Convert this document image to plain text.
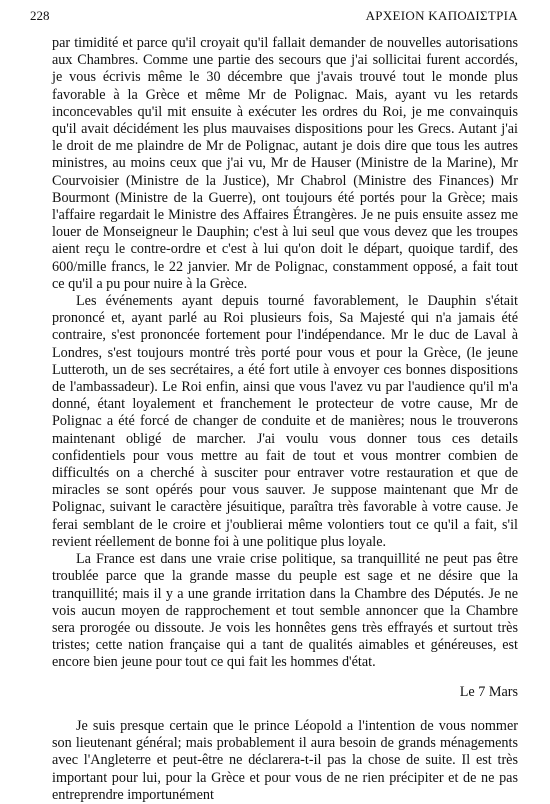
228	ΑΡΧΕΙΟΝ ΚΑΠΟΔΙΣΤΡΙΑ

par timidité et parce qu'il croyait qu'il fallait demander de nouvelles autorisations aux Chambres. Comme une partie des secours que j'ai sollicitai furent accordés, je vous écrivis même le 30 décembre que j'avais trouvé tout le monde plus favorable à la Grèce et même Mr de Polignac. Mais, ayant vu les retards inconcevables qu'il mit ensuite à exécuter les ordres du Roi, je me convainquis qu'il avait décidément les plus mauvaises dispositions pour les Grecs. Autant j'ai le droit de me plaindre de Mr de Polignac, autant je dois dire que tous les autres ministres, au moins ceux que j'ai vu, Mr de Hauser (Ministre de la Marine), Mr Courvoisier (Ministre de la Justice), Mr Chabrol (Ministre des Finances) Mr Bourmont (Ministre de la Guerre), ont toujours été portés pour la Grèce; mais l'affaire regardait le Ministre des Affaires Étrangères. Je ne puis ensuite assez me louer de Monseigneur le Dauphin; c'est à lui seul que vous devez que les troupes aient reçu le contre-ordre et c'est à lui qu'on doit le départ, quoique tardif, des 600/mille francs, le 22 janvier. Mr de Polignac, constamment opposé, a fait tout ce qu'il a pu pour nuire à la Grèce.

Les événements ayant depuis tourné favorablement, le Dauphin s'était prononcé et, ayant parlé au Roi plusieurs fois, Sa Majesté qui n'a jamais été contraire, s'est prononcée fortement pour l'indépendance. Mr le duc de Laval à Londres, s'est toujours montré très porté pour vous et pour la Grèce, (le jeune Lutteroth, un de ses secrétaires, a été fort utile à envoyer ces bonnes dispositions de l'ambassadeur). Le Roi enfin, ainsi que vous l'avez vu par l'audience qu'il m'a donné, étant loyalement et franchement le protecteur de votre cause, Mr de Polignac a été forcé de changer de conduite et de manières; nous le trouverons maintenant obligé de marcher. J'ai voulu vous donner tous ces details confidentiels pour vous mettre au fait de tout et vous montrer combien de difficultés on a cherché à susciter pour entraver votre restauration et que de miracles se sont opérés pour vous sauver. Je suppose maintenant que Mr de Polignac, suivant le caractère jésuitique, paraîtra très favorable à votre cause. Je ferai semblant de le croire et j'oublierai même volontiers tout ce qu'il a fait, s'il revient réellement de bonne foi à une politique plus loyale.

La France est dans une vraie crise politique, sa tranquillité ne peut pas être troublée parce que la grande masse du peuple est sage et ne désire que la tranquillité; mais il y a une grande irritation dans la Chambre des Députés. Je ne vois aucun moyen de rapprochement et tout semble annoncer que la Chambre sera prorogée ou dissoute. Je vois les honnêtes gens très effrayés et surtout très tristes; cette nation française qui a tant de qualités aimables et généreuses, est encore bien jeune pour tout ce qui fait les hommes d'état.

Le 7 Mars

Je suis presque certain que le prince Léopold a l'intention de vous nommer son lieutenant général; mais probablement il aura besoin de grands ménagements avec l'Angleterre et peut-être ne déclarera-t-il pas la chose de suite. Il est très important pour lui, pour la Grèce et pour vous de ne rien précipiter et de ne pas entreprendre importunément
